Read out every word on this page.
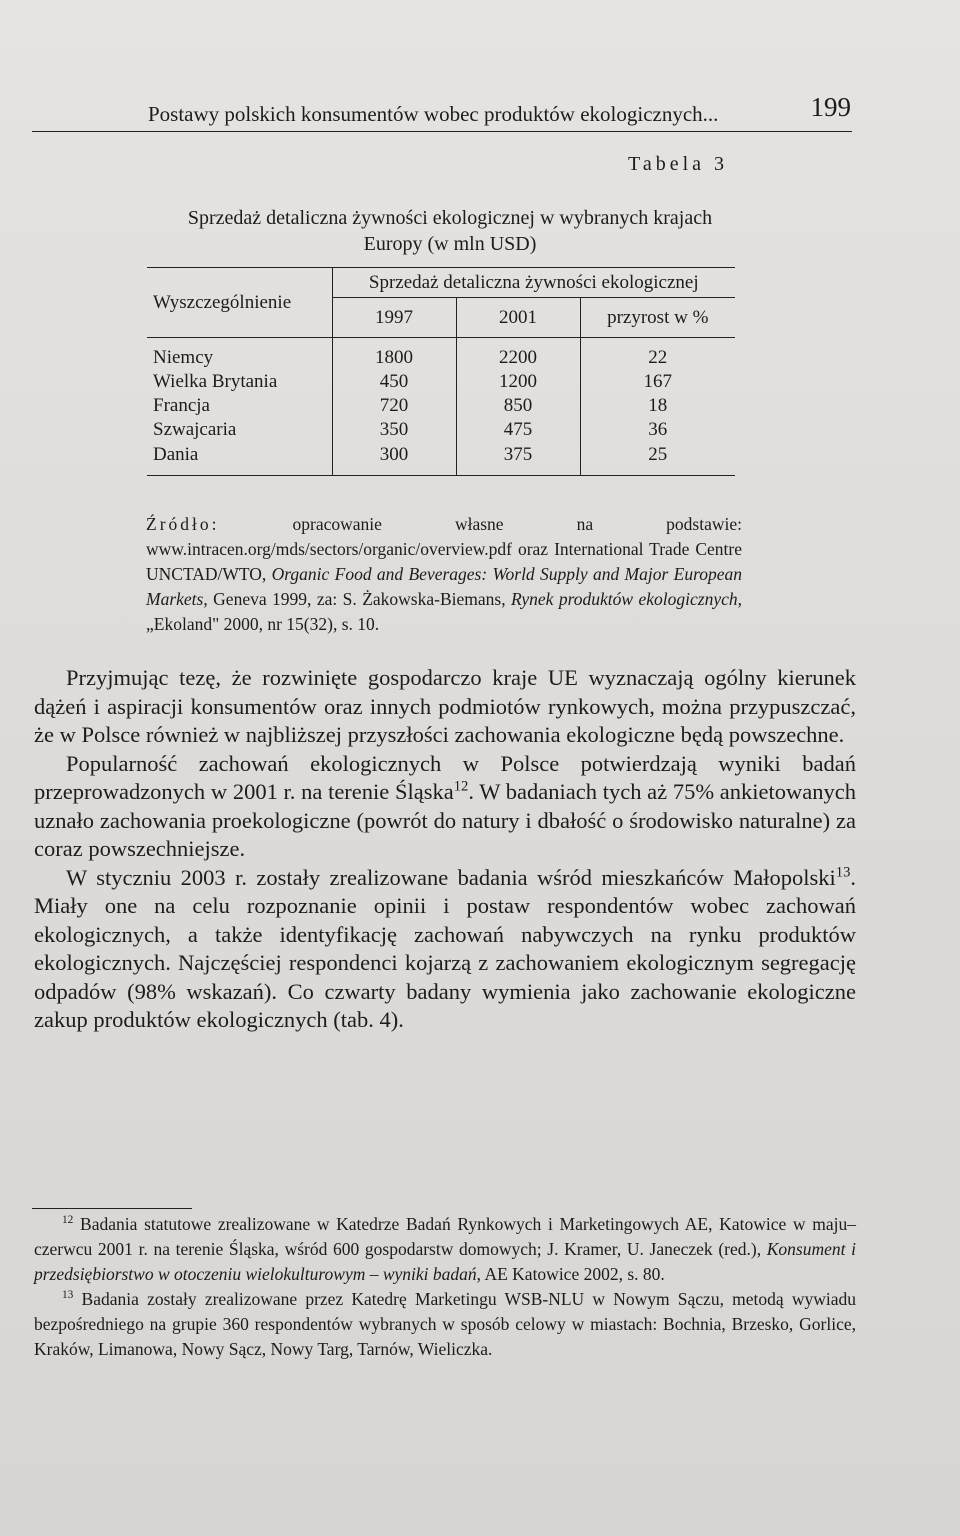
Postawy polskich konsumentów wobec produktów ekologicznych...	199
Tabela 3
Sprzedaż detaliczna żywności ekologicznej w wybranych krajach
Europy (w mln USD)
Wyszczególnienie	Sprzedaż detaliczna żywności ekologicznej		
	1997	2001	przyrost w %
Niemcy	1800	2200	22
Wielka Brytania	450	1200	167
Francja	720	850	18
Szwajcaria	350	475	36
Dania	300	375	25
Źródło: opracowanie własne na podstawie: www.intracen.org/mds/sectors/organic/overview.pdf oraz International Trade Centre UNCTAD/WTO, Organic Food and Beverages: World Supply and Major European Markets, Geneva 1999, za: S. Żakowska-Biemans, Rynek produktów ekologicznych, „Ekoland" 2000, nr 15(32), s. 10.

Przyjmując tezę, że rozwinięte gospodarczo kraje UE wyznaczają ogólny kierunek dążeń i aspiracji konsumentów oraz innych podmiotów rynkowych, można przypuszczać, że w Polsce również w najbliższej przyszłości zachowania ekologiczne będą powszechne.

Popularność zachowań ekologicznych w Polsce potwierdzają wyniki badań przeprowadzonych w 2001 r. na terenie Śląska$^{12}$. W badaniach tych aż 75% ankietowanych uznało zachowania proekologiczne (powrót do natury i dbałość o środowisko naturalne) za coraz powszechniejsze.

W styczniu 2003 r. zostały zrealizowane badania wśród mieszkańców Małopolski$^{13}$. Miały one na celu rozpoznanie opinii i postaw respondentów wobec zachowań ekologicznych, a także identyfikację zachowań nabywczych na rynku produktów ekologicznych. Najczęściej respondenci kojarzą z zachowaniem ekologicznym segregację odpadów (98% wskazań). Co czwarty badany wymienia jako zachowanie ekologiczne zakup produktów ekologicznych (tab. 4).

$^{12}$ Badania statutowe zrealizowane w Katedrze Badań Rynkowych i Marketingowych AE, Katowice w maju–czerwcu 2001 r. na terenie Śląska, wśród 600 gospodarstw domowych; J. Kramer, U. Janeczek (red.), Konsument i przedsiębiorstwo w otoczeniu wielokulturowym – wyniki badań, AE Katowice 2002, s. 80.

$^{13}$ Badania zostały zrealizowane przez Katedrę Marketingu WSB-NLU w Nowym Sączu, metodą wywiadu bezpośredniego na grupie 360 respondentów wybranych w sposób celowy w miastach: Bochnia, Brzesko, Gorlice, Kraków, Limanowa, Nowy Sącz, Nowy Targ, Tarnów, Wieliczka.
